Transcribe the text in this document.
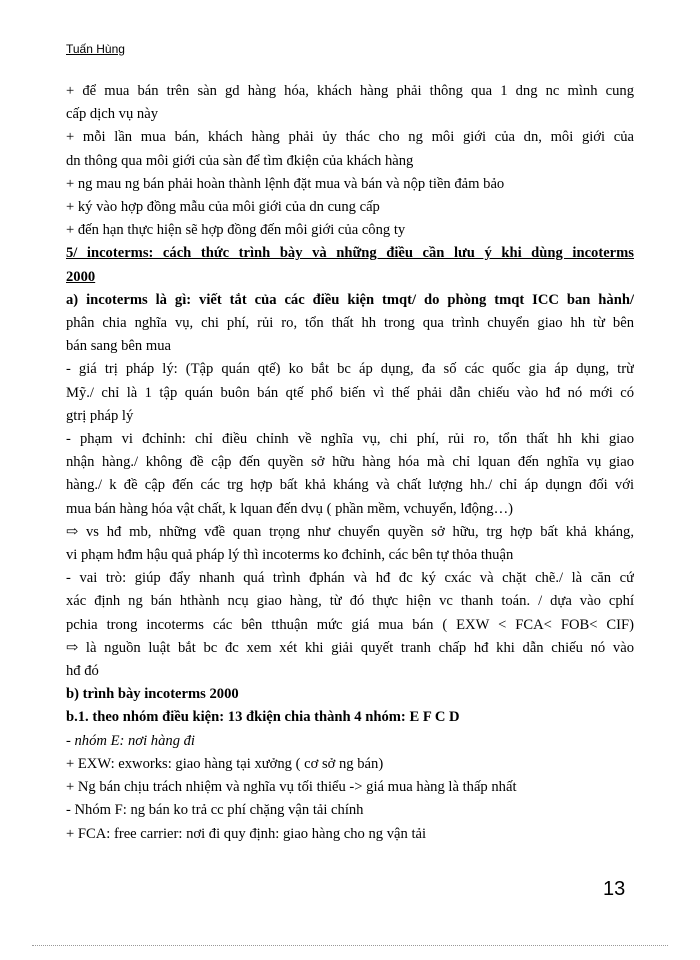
Tuấn Hùng
+ để mua bán trên sàn gd hàng hóa, khách hàng phải thông qua 1 dng nc mình cung
cấp dịch vụ này
+ mỗi lần mua bán, khách hàng phải ủy thác cho ng môi giới của dn, môi giới của
dn thông qua môi giới của sàn để tìm đkiện của khách hàng
+ ng mau ng bán phải hoàn thành lệnh đặt mua và bán và nộp tiền đảm bảo
+ ký vào hợp đồng mẫu của môi giới của dn cung cấp
+ đến hạn thực hiện sẽ hợp đồng đến môi giới của công ty
5/ incoterms: cách thức trình bày và những điều cần lưu ý khi dùng incoterms
2000
a) incoterms là gì: viết tắt của các điều kiện tmqt/ do phòng tmqt ICC ban hành/
phân chia nghĩa vụ, chi phí, rủi ro, tổn thất hh trong qua trình chuyển giao hh từ bên
bán sang bên mua
- giá trị pháp lý: (Tập quán qtế) ko bắt bc áp dụng, đa số các quốc gia áp dụng, trừ
Mỹ./ chỉ là 1 tập quán buôn bán qtế phổ biến vì thế phải dẫn chiếu vào hđ nó mới có
gtrị pháp lý
- phạm vi đchỉnh: chỉ điều chỉnh về nghĩa vụ, chi phí, rủi ro, tổn thất hh khi giao
nhận hàng./ không đề cập đến quyền sở hữu hàng hóa mà chỉ lquan đến nghĩa vụ giao
hàng./ k đề cập đến các trg hợp bất khả kháng và chất lượng hh./ chỉ áp dụngn đối với
mua bán hàng hóa vật chất, k lquan đến dvụ ( phần mềm, vchuyển, lđộng…)
⇨ vs hđ mb, những vđề quan trọng như chuyển quyền sở hữu, trg hợp bất khả kháng,
vi phạm hđm hậu quả pháp lý thì incoterms ko đchỉnh, các bên tự thỏa thuận
- vai trò: giúp đẩy nhanh quá trình đphán và hđ đc ký cxác và chặt chẽ./ là căn cứ
xác định ng bán hthành ncụ giao hàng, từ đó thực hiện vc thanh toán. / dựa vào cphí
pchia trong incoterms các bên tthuận mức giá mua bán ( EXW < FCA< FOB< CIF)
⇨ là nguồn luật bắt bc đc xem xét khi giải quyết tranh chấp hđ khi dẫn chiếu nó vào
hđ đó
b) trình bày incoterms 2000
b.1. theo nhóm điều kiện: 13 đkiện chia thành 4 nhóm: E F C D
- nhóm E: nơi hàng đi
+ EXW: exworks: giao hàng tại xưởng ( cơ sở ng bán)
+ Ng bán chịu trách nhiệm và nghĩa vụ tối thiểu -> giá mua hàng là thấp nhất
- Nhóm F: ng bán ko trả cc phí chặng vận tải chính
+ FCA: free carrier: nơi đi quy định: giao hàng cho ng vận tải
13
